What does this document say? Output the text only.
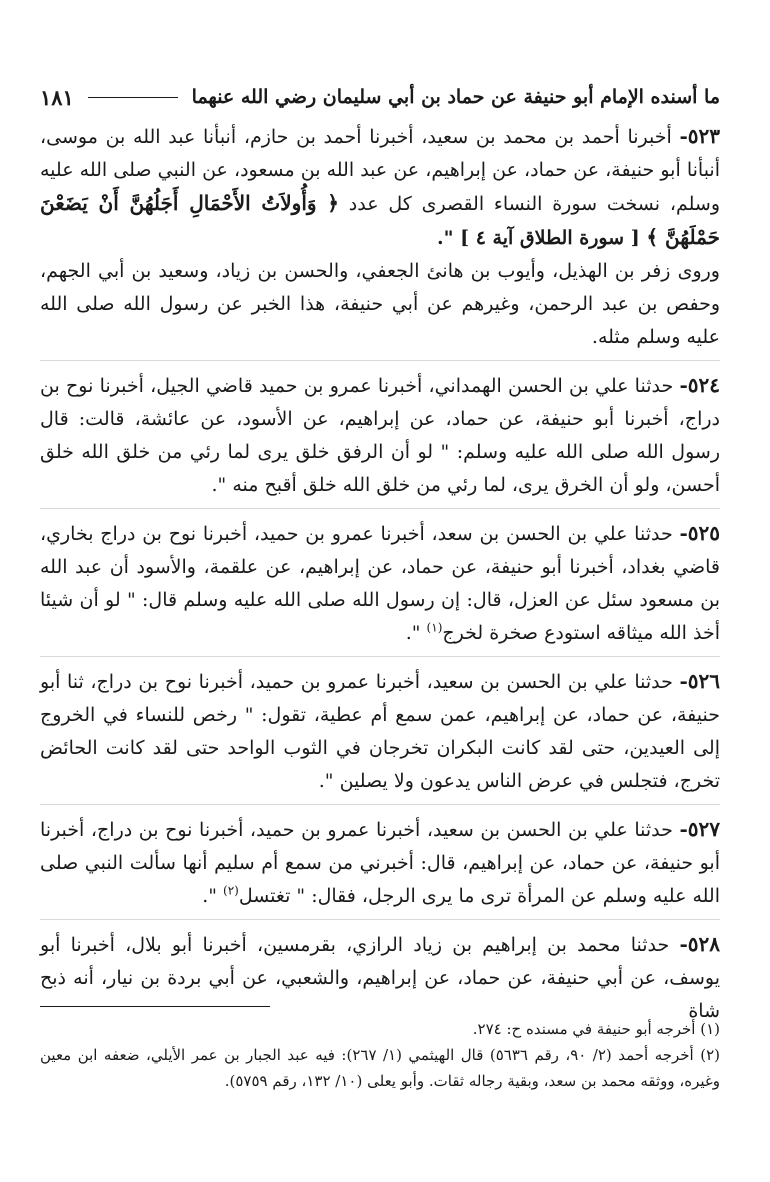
ما أسنده الإمام أبو حنيفة عن حماد بن أبي سليمان رضي الله عنهما
١٨١
٥٢٣- أخبرنا أحمد بن محمد بن سعيد، أخبرنا أحمد بن حازم، أنبأنا عبد الله بن موسى، أنبأنا أبو حنيفة، عن حماد، عن إبراهيم، عن عبد الله بن مسعود، عن النبي صلى الله عليه وسلم، نسخت سورة النساء القصرى كل عدد ﴿ وَأُولاَتُ الأَحْمَالِ أَجَلُهُنَّ أَنْ يَضَعْنَ حَمْلَهُنَّ ﴾ [ سورة الطلاق آية ٤ ] ".
وروى زفر بن الهذيل، وأيوب بن هانئ الجعفي، والحسن بن زياد، وسعيد بن أبي الجهم، وحفص بن عبد الرحمن، وغيرهم عن أبي حنيفة، هذا الخبر عن رسول الله صلى الله عليه وسلم مثله.
٥٢٤- حدثنا علي بن الحسن الهمداني، أخبرنا عمرو بن حميد قاضي الجيل، أخبرنا نوح بن دراج، أخبرنا أبو حنيفة، عن حماد، عن إبراهيم، عن الأسود، عن عائشة، قالت: قال رسول الله صلى الله عليه وسلم: " لو أن الرفق خلق يرى لما رئي من خلق الله خلق أحسن، ولو أن الخرق يرى، لما رئي من خلق الله خلق أقبح منه ".
٥٢٥- حدثنا علي بن الحسن بن سعد، أخبرنا عمرو بن حميد، أخبرنا نوح بن دراج بخاري، قاضي بغداد، أخبرنا أبو حنيفة، عن حماد، عن إبراهيم، عن علقمة، والأسود أن عبد الله بن مسعود سئل عن العزل، قال: إن رسول الله صلى الله عليه وسلم قال: " لو أن شيئا أخذ الله ميثاقه استودع صخرة لخرج$^{(١)}$ ".
٥٢٦- حدثنا علي بن الحسن بن سعيد، أخبرنا عمرو بن حميد، أخبرنا نوح بن دراج، ثنا أبو حنيفة، عن حماد، عن إبراهيم، عمن سمع أم عطية، تقول: " رخص للنساء في الخروج إلى العيدين، حتى لقد كانت البكران تخرجان في الثوب الواحد حتى لقد كانت الحائض تخرج، فتجلس في عرض الناس يدعون ولا يصلين ".
٥٢٧- حدثنا علي بن الحسن بن سعيد، أخبرنا عمرو بن حميد، أخبرنا نوح بن دراج، أخبرنا أبو حنيفة، عن حماد، عن إبراهيم، قال: أخبرني من سمع أم سليم أنها سألت النبي صلى الله عليه وسلم عن المرأة ترى ما يرى الرجل، فقال: " تغتسل$^{(٢)}$ ".
٥٢٨- حدثنا محمد بن إبراهيم بن زياد الرازي، بقرمسين، أخبرنا أبو بلال، أخبرنا أبو يوسف، عن أبي حنيفة، عن حماد، عن إبراهيم، والشعبي، عن أبي بردة بن نيار، أنه ذبح شاة

(١) أخرجه أبو حنيفة في مسنده ح: ٢٧٤.

(٢) أخرجه أحمد (٢/ ٩٠، رقم ٥٦٣٦) قال الهيثمي (١/ ٢٦٧): فيه عبد الجبار بن عمر الأيلي، ضعفه ابن معين وغيره، ووثقه محمد بن سعد، وبقية رجاله ثقات. وأبو يعلى (١٠/ ١٣٢، رقم ٥٧٥٩).
